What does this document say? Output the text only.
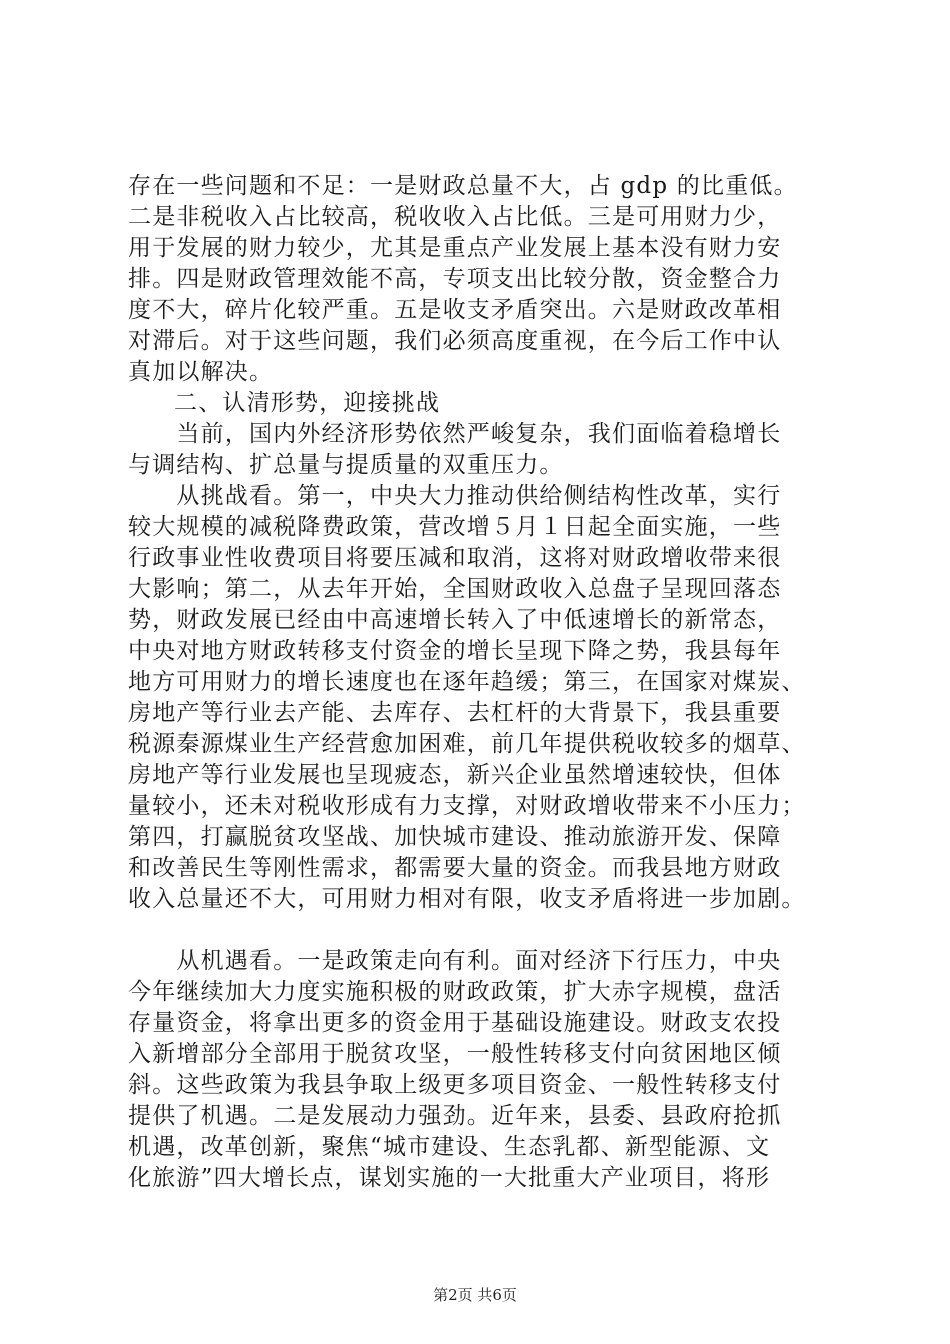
存在一些问题和不足：一是财政总量不大，占 gdp 的比重低。
二是非税收入占比较高，税收收入占比低。三是可用财力少，
用于发展的财力较少，尤其是重点产业发展上基本没有财力安
排。四是财政管理效能不高，专项支出比较分散，资金整合力
度不大，碎片化较严重。五是收支矛盾突出。六是财政改革相
对滞后。对于这些问题，我们必须高度重视，在今后工作中认
真加以解决。
二、认清形势，迎接挑战
　　当前，国内外经济形势依然严峻复杂，我们面临着稳增长
与调结构、扩总量与提质量的双重压力。
　　从挑战看。第一，中央大力推动供给侧结构性改革，实行
较大规模的减税降费政策，营改增５月１日起全面实施，一些
行政事业性收费项目将要压减和取消，这将对财政增收带来很
大影响；第二，从去年开始，全国财政收入总盘子呈现回落态
势，财政发展已经由中高速增长转入了中低速增长的新常态，
中央对地方财政转移支付资金的增长呈现下降之势，我县每年
地方可用财力的增长速度也在逐年趋缓；第三，在国家对煤炭、
房地产等行业去产能、去库存、去杠杆的大背景下，我县重要
税源秦源煤业生产经营愈加困难，前几年提供税收较多的烟草、
房地产等行业发展也呈现疲态，新兴企业虽然增速较快，但体
量较小，还未对税收形成有力支撑，对财政增收带来不小压力；
第四，打赢脱贫攻坚战、加快城市建设、推动旅游开发、保障
和改善民生等刚性需求，都需要大量的资金。而我县地方财政
收入总量还不大，可用财力相对有限，收支矛盾将进一步加剧。
　　从机遇看。一是政策走向有利。面对经济下行压力，中央
今年继续加大力度实施积极的财政政策，扩大赤字规模，盘活
存量资金，将拿出更多的资金用于基础设施建设。财政支农投
入新增部分全部用于脱贫攻坚，一般性转移支付向贫困地区倾
斜。这些政策为我县争取上级更多项目资金、一般性转移支付
提供了机遇。二是发展动力强劲。近年来，县委、县政府抢抓
机遇，改革创新，聚焦“城市建设、生态乳都、新型能源、文
化旅游”四大增长点，谋划实施的一大批重大产业项目，将形
第2页 共6页
